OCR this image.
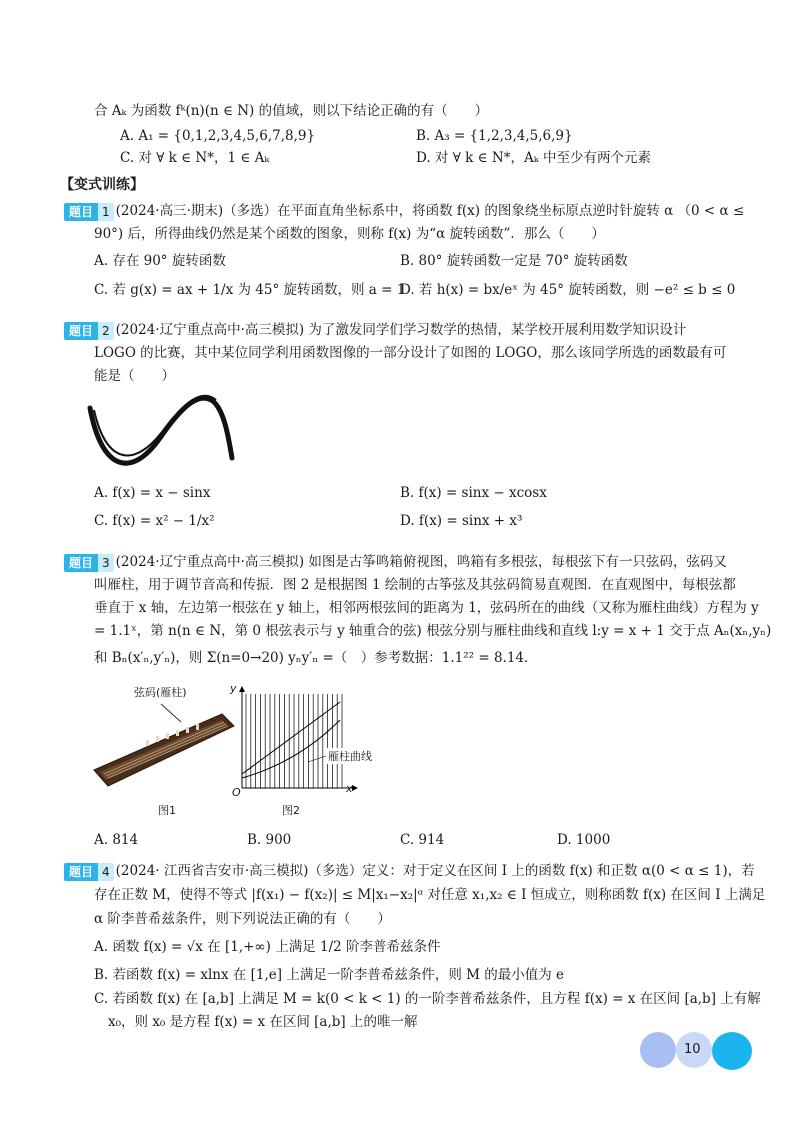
合 Aₖ 为函数 fᵏ(n)(n ∈ N) 的值域，则以下结论正确的有（　　）
A. A₁ = {0,1,2,3,4,5,6,7,8,9}	B. A₃ = {1,2,3,4,5,6,9}
C. 对 ∀ k ∈ N*，1 ∈ Aₖ	D. 对 ∀ k ∈ N*，Aₖ 中至少有两个元素
【变式训练】
题目 1 (2024·高三·期末)（多选）在平面直角坐标系中，将函数 f(x) 的图象绕坐标原点逆时针旋转 α （0 < α ≤
90°) 后，所得曲线仍然是某个函数的图象，则称 f(x) 为“α 旋转函数”．那么（　　）
A. 存在 90° 旋转函数	B. 80° 旋转函数一定是 70° 旋转函数
C. 若 g(x) = ax + 1/x 为 45° 旋转函数，则 a = 1
D. 若 h(x) = bx/eˣ 为 45° 旋转函数，则 −e² ≤ b ≤ 0
题目 2 (2024·辽宁重点高中·高三模拟) 为了激发同学们学习数学的热情，某学校开展利用数学知识设计
LOGO 的比赛，其中某位同学利用函数图像的一部分设计了如图的 LOGO，那么该同学所选的函数最有可
能是（　　）
A. f(x) = x − sinx	B. f(x) = sinx − xcosx
C. f(x) = x² − 1/x²	D. f(x) = sinx + x³
题目 3 (2024·辽宁重点高中·高三模拟) 如图是古筝鸣箱俯视图，鸣箱有多根弦，每根弦下有一只弦码，弦码又
叫雁柱，用于调节音高和传振．图 2 是根据图 1 绘制的古筝弦及其弦码简易直观图．在直观图中，每根弦都
垂直于 x 轴，左边第一根弦在 y 轴上，相邻两根弦间的距离为 1，弦码所在的曲线（又称为雁柱曲线）方程为 y
= 1.1ˣ，第 n(n ∈ N，第 0 根弦表示与 y 轴重合的弦) 根弦分别与雁柱曲线和直线 l:y = x + 1 交于点 Aₙ(xₙ,yₙ)
和 Bₙ(x′ₙ,y′ₙ)，则 Σ(n=0→20) yₙy′ₙ =（　）参考数据：1.1²² = 8.14．
弦码(雁柱)
图1
y
x
O
雁柱曲线
图2
A. 814	B. 900	C. 914	D. 1000
题目 4 (2024· 江西省吉安市·高三模拟)（多选）定义：对于定义在区间 I 上的函数 f(x) 和正数 α(0 < α ≤ 1)，若
存在正数 M，使得不等式 |f(x₁) − f(x₂)| ≤ M|x₁−x₂|ᵅ 对任意 x₁,x₂ ∈ I 恒成立，则称函数 f(x) 在区间 I 上满足
α 阶李普希兹条件，则下列说法正确的有（　　）
A. 函数 f(x) = √x 在 [1,+∞) 上满足 1/2 阶李普希兹条件
B. 若函数 f(x) = xlnx 在 [1,e] 上满足一阶李普希兹条件，则 M 的最小值为 e
C. 若函数 f(x) 在 [a,b] 上满足 M = k(0 < k < 1) 的一阶李普希兹条件，且方程 f(x) = x 在区间 [a,b] 上有解
x₀，则 x₀ 是方程 f(x) = x 在区间 [a,b] 上的唯一解
10
